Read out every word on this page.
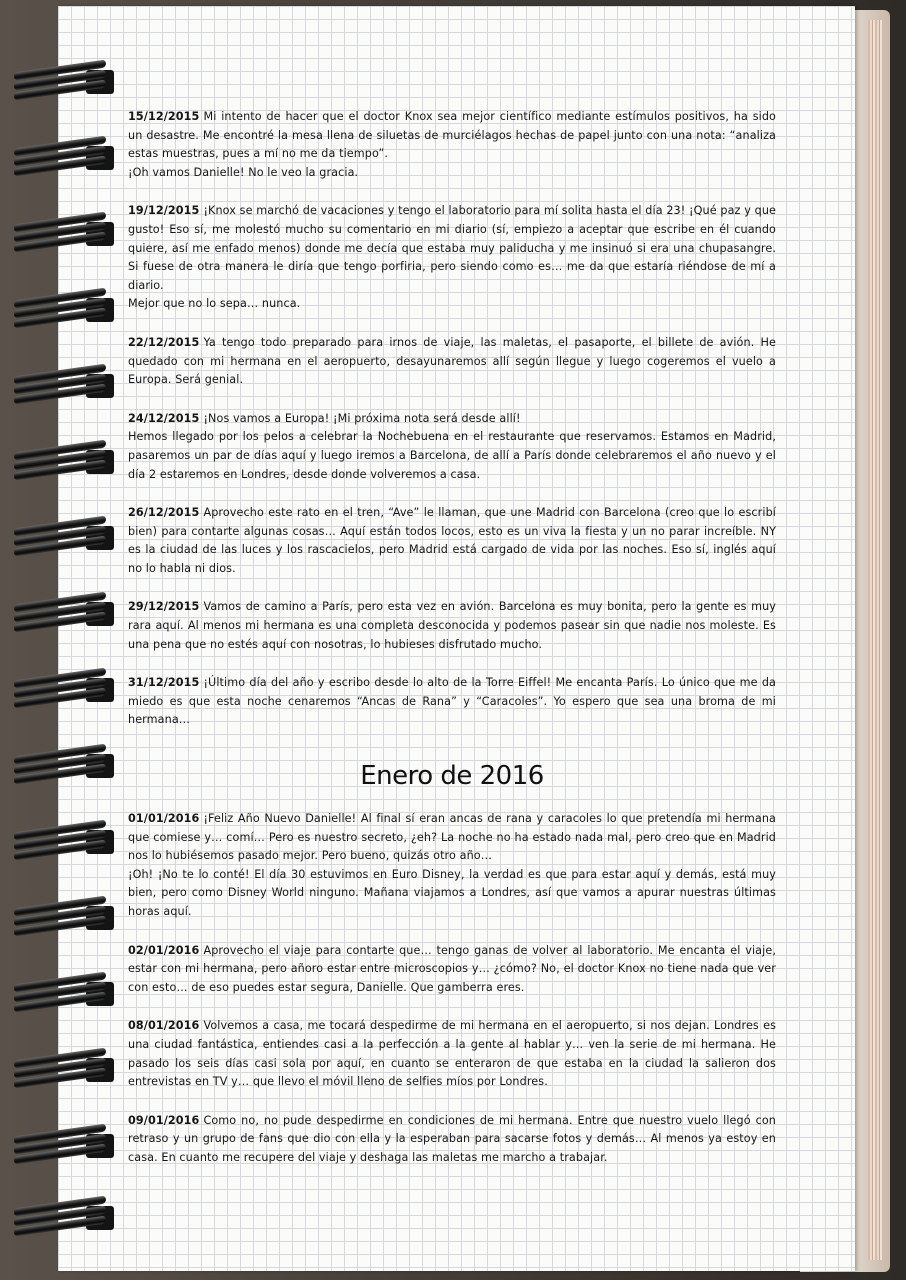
15/12/2015 Mi intento de hacer que el doctor Knox sea mejor científico mediante estímulos positivos, ha sido un desastre. Me encontré la mesa llena de siluetas de murciélagos hechas de papel junto con una nota: “analiza estas muestras, pues a mí no me da tiempo”.

¡Oh vamos Danielle! No le veo la gracia.

19/12/2015 ¡Knox se marchó de vacaciones y tengo el laboratorio para mí solita hasta el día 23! ¡Qué paz y que gusto! Eso sí, me molestó mucho su comentario en mi diario (sí, empiezo a aceptar que escribe en él cuando quiere, así me enfado menos) donde me decía que estaba muy paliducha y me insinuó si era una chupasangre. Si fuese de otra manera le diría que tengo porfiria, pero siendo como es… me da que estaría riéndose de mí a diario.

Mejor que no lo sepa… nunca.

22/12/2015 Ya tengo todo preparado para irnos de viaje, las maletas, el pasaporte, el billete de avión. He quedado con mi hermana en el aeropuerto, desayunaremos allí según llegue y luego cogeremos el vuelo a Europa. Será genial.

24/12/2015 ¡Nos vamos a Europa! ¡Mi próxima nota será desde allí!

Hemos llegado por los pelos a celebrar la Nochebuena en el restaurante que reservamos. Estamos en Madrid, pasaremos un par de días aquí y luego iremos a Barcelona, de allí a París donde celebraremos el año nuevo y el día 2 estaremos en Londres, desde donde volveremos a casa.

26/12/2015 Aprovecho este rato en el tren, “Ave” le llaman, que une Madrid con Barcelona (creo que lo escribí bien) para contarte algunas cosas… Aquí están todos locos, esto es un viva la fiesta y un no parar increíble. NY es la ciudad de las luces y los rascacielos, pero Madrid está cargado de vida por las noches. Eso sí, inglés aquí no lo habla ni dios.

29/12/2015 Vamos de camino a París, pero esta vez en avión. Barcelona es muy bonita, pero la gente es muy rara aquí. Al menos mi hermana es una completa desconocida y podemos pasear sin que nadie nos moleste. Es una pena que no estés aquí con nosotras, lo hubieses disfrutado mucho.

31/12/2015 ¡Último día del año y escribo desde lo alto de la Torre Eiffel! Me encanta París. Lo único que me da miedo es que esta noche cenaremos “Ancas de Rana” y “Caracoles”. Yo espero que sea una broma de mi hermana…

Enero de 2016

01/01/2016 ¡Feliz Año Nuevo Danielle! Al final sí eran ancas de rana y caracoles lo que pretendía mi hermana que comiese y… comí… Pero es nuestro secreto, ¿eh? La noche no ha estado nada mal, pero creo que en Madrid nos lo hubiésemos pasado mejor. Pero bueno, quizás otro año…

¡Oh! ¡No te lo conté! El día 30 estuvimos en Euro Disney, la verdad es que para estar aquí y demás, está muy bien, pero como Disney World ninguno. Mañana viajamos a Londres, así que vamos a apurar nuestras últimas horas aquí.

02/01/2016 Aprovecho el viaje para contarte que… tengo ganas de volver al laboratorio. Me encanta el viaje, estar con mi hermana, pero añoro estar entre microscopios y… ¿cómo? No, el doctor Knox no tiene nada que ver con esto… de eso puedes estar segura, Danielle. Que gamberra eres.

08/01/2016 Volvemos a casa, me tocará despedirme de mi hermana en el aeropuerto, si nos dejan. Londres es una ciudad fantástica, entiendes casi a la perfección a la gente al hablar y… ven la serie de mi hermana. He pasado los seis días casi sola por aquí, en cuanto se enteraron de que estaba en la ciudad la salieron dos entrevistas en TV y… que llevo el móvil lleno de selfies míos por Londres.

09/01/2016 Como no, no pude despedirme en condiciones de mi hermana. Entre que nuestro vuelo llegó con retraso y un grupo de fans que dio con ella y la esperaban para sacarse fotos y demás… Al menos ya estoy en casa. En cuanto me recupere del viaje y deshaga las maletas me marcho a trabajar.
